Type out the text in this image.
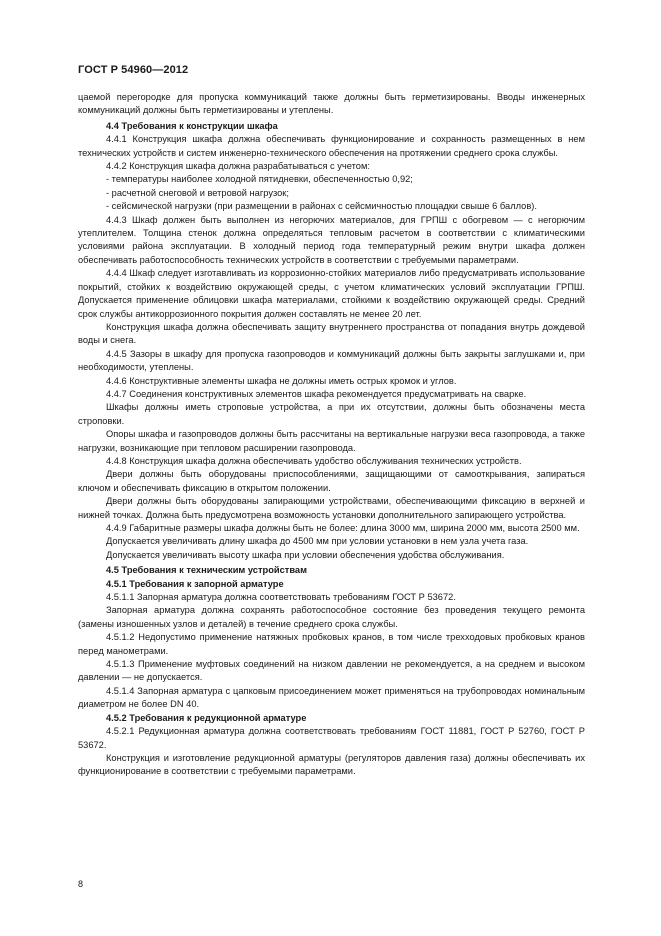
ГОСТ Р 54960—2012

цаемой перегородке для пропуска коммуникаций также должны быть герметизированы. Вводы инженерных коммуникаций должны быть герметизированы и утеплены.

4.4 Требования к конструкции шкафа

4.4.1 Конструкция шкафа должна обеспечивать функционирование и сохранность размещенных в нем технических устройств и систем инженерно-технического обеспечения на протяжении среднего срока службы.

4.4.2 Конструкция шкафа должна разрабатываться с учетом:

- температуры наиболее холодной пятидневки, обеспеченностью 0,92;

- расчетной снеговой и ветровой нагрузок;

- сейсмической нагрузки (при размещении в районах с сейсмичностью площадки свыше 6 баллов).

4.4.3 Шкаф должен быть выполнен из негорючих материалов, для ГРПШ с обогревом — с негорючим утеплителем. Толщина стенок должна определяться тепловым расчетом в соответствии с климатическими условиями района эксплуатации. В холодный период года температурный режим внутри шкафа должен обеспечивать работоспособность технических устройств в соответствии с требуемыми параметрами.

4.4.4 Шкаф следует изготавливать из коррозионно-стойких материалов либо предусматривать использование покрытий, стойких к воздействию окружающей среды, с учетом климатических условий эксплуатации ГРПШ. Допускается применение облицовки шкафа материалами, стойкими к воздействию окружающей среды. Средний срок службы антикоррозионного покрытия должен составлять не менее 20 лет.

Конструкция шкафа должна обеспечивать защиту внутреннего пространства от попадания внутрь дождевой воды и снега.

4.4.5 Зазоры в шкафу для пропуска газопроводов и коммуникаций должны быть закрыты заглушками и, при необходимости, утеплены.

4.4.6 Конструктивные элементы шкафа не должны иметь острых кромок и углов.

4.4.7 Соединения конструктивных элементов шкафа рекомендуется предусматривать на сварке.

Шкафы должны иметь строповые устройства, а при их отсутствии, должны быть обозначены места строповки.

Опоры шкафа и газопроводов должны быть рассчитаны на вертикальные нагрузки веса газопровода, а также нагрузки, возникающие при тепловом расширении газопровода.

4.4.8 Конструкция шкафа должна обеспечивать удобство обслуживания технических устройств.

Двери должны быть оборудованы приспособлениями, защищающими от самооткрывания, запираться ключом и обеспечивать фиксацию в открытом положении.

Двери должны быть оборудованы запирающими устройствами, обеспечивающими фиксацию в верхней и нижней точках. Должна быть предусмотрена возможность установки дополнительного запирающего устройства.

4.4.9 Габаритные размеры шкафа должны быть не более: длина 3000 мм, ширина 2000 мм, высота 2500 мм.

Допускается увеличивать длину шкафа до 4500 мм при условии установки в нем узла учета газа.

Допускается увеличивать высоту шкафа при условии обеспечения удобства обслуживания.

4.5 Требования к техническим устройствам

4.5.1 Требования к запорной арматуре

4.5.1.1 Запорная арматура должна соответствовать требованиям ГОСТ Р 53672.

Запорная арматура должна сохранять работоспособное состояние без проведения текущего ремонта (замены изношенных узлов и деталей) в течение среднего срока службы.

4.5.1.2 Недопустимо применение натяжных пробковых кранов, в том числе трехходовых пробковых кранов перед манометрами.

4.5.1.3 Применение муфтовых соединений на низком давлении не рекомендуется, а на среднем и высоком давлении — не допускается.

4.5.1.4 Запорная арматура с цапковым присоединением может применяться на трубопроводах номинальным диаметром не более DN 40.

4.5.2 Требования к редукционной арматуре

4.5.2.1 Редукционная арматура должна соответствовать требованиям ГОСТ 11881, ГОСТ Р 52760, ГОСТ Р 53672.

Конструкция и изготовление редукционной арматуры (регуляторов давления газа) должны обеспечивать их функционирование в соответствии с требуемыми параметрами.

8
